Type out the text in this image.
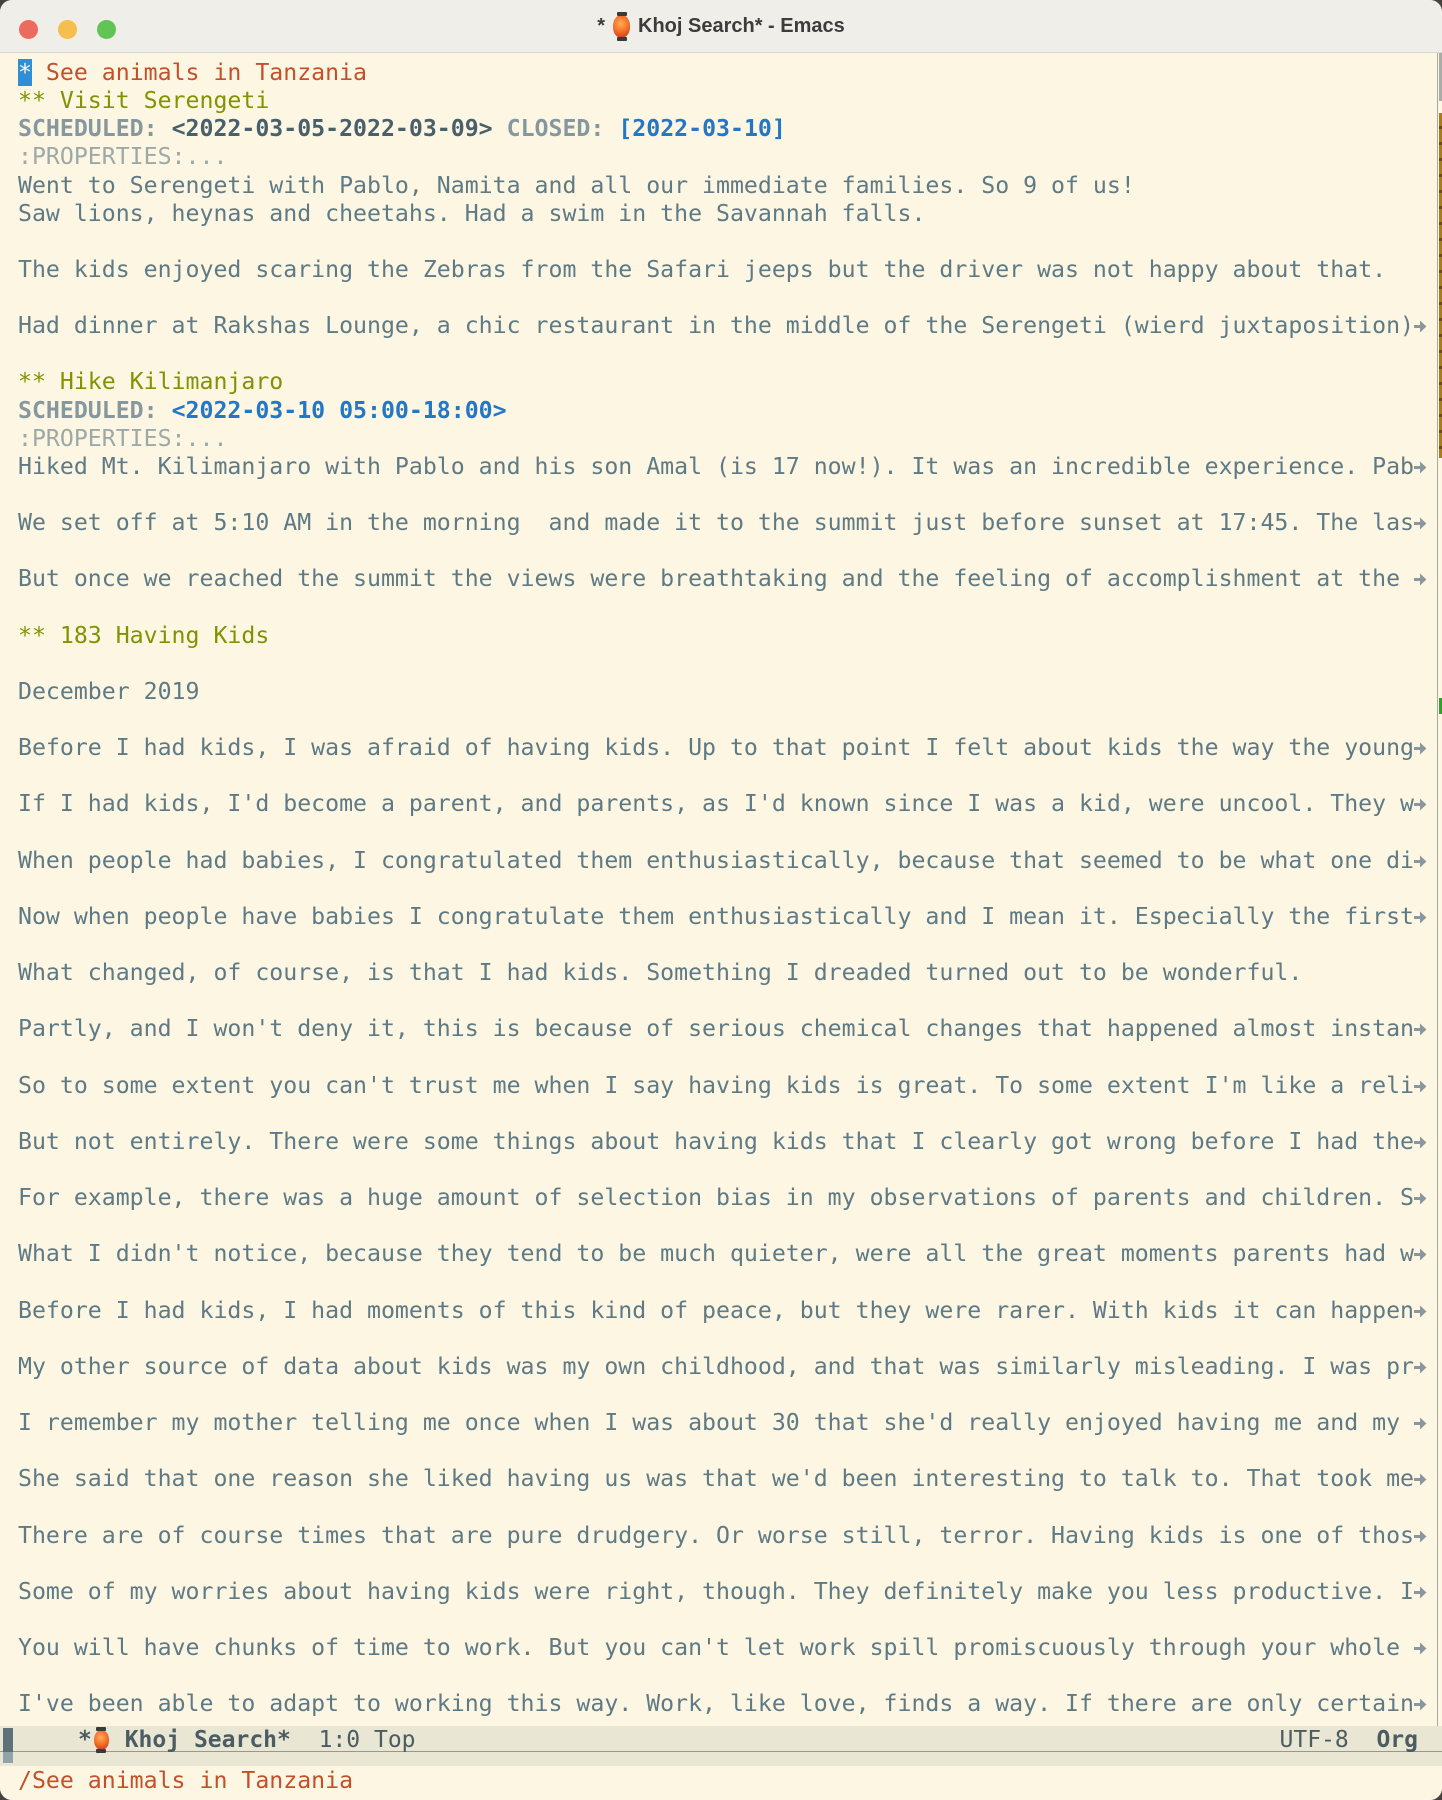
* Khoj Search* - Emacs
* See animals in Tanzania
** Visit Serengeti
SCHEDULED: <2022-03-05-2022-03-09> CLOSED: [2022-03-10]
:PROPERTIES:...
Went to Serengeti with Pablo, Namita and all our immediate families. So 9 of us!
Saw lions, heynas and cheetahs. Had a swim in the Savannah falls.
The kids enjoyed scaring the Zebras from the Safari jeeps but the driver was not happy about that.
Had dinner at Rakshas Lounge, a chic restaurant in the middle of the Serengeti (wierd juxtaposition)
** Hike Kilimanjaro
SCHEDULED: <2022-03-10 05:00-18:00>
:PROPERTIES:...
Hiked Mt. Kilimanjaro with Pablo and his son Amal (is 17 now!). It was an incredible experience. Pab
We set off at 5:10 AM in the morning  and made it to the summit just before sunset at 17:45. The las
But once we reached the summit the views were breathtaking and the feeling of accomplishment at the
** 183 Having Kids
December 2019
Before I had kids, I was afraid of having kids. Up to that point I felt about kids the way the young
If I had kids, I'd become a parent, and parents, as I'd known since I was a kid, were uncool. They w
When people had babies, I congratulated them enthusiastically, because that seemed to be what one di
Now when people have babies I congratulate them enthusiastically and I mean it. Especially the first
What changed, of course, is that I had kids. Something I dreaded turned out to be wonderful.
Partly, and I won't deny it, this is because of serious chemical changes that happened almost instan
So to some extent you can't trust me when I say having kids is great. To some extent I'm like a reli
But not entirely. There were some things about having kids that I clearly got wrong before I had the
For example, there was a huge amount of selection bias in my observations of parents and children. S
What I didn't notice, because they tend to be much quieter, were all the great moments parents had w
Before I had kids, I had moments of this kind of peace, but they were rarer. With kids it can happen
My other source of data about kids was my own childhood, and that was similarly misleading. I was pr
I remember my mother telling me once when I was about 30 that she'd really enjoyed having me and my
She said that one reason she liked having us was that we'd been interesting to talk to. That took me
There are of course times that are pure drudgery. Or worse still, terror. Having kids is one of thos
Some of my worries about having kids were right, though. They definitely make you less productive. I
You will have chunks of time to work. But you can't let work spill promiscuously through your whole
I've been able to adapt to working this way. Work, like love, finds a way. If there are only certain
* Khoj Search* 1:0 Top	UTF-8 Org
/See animals in Tanzania
